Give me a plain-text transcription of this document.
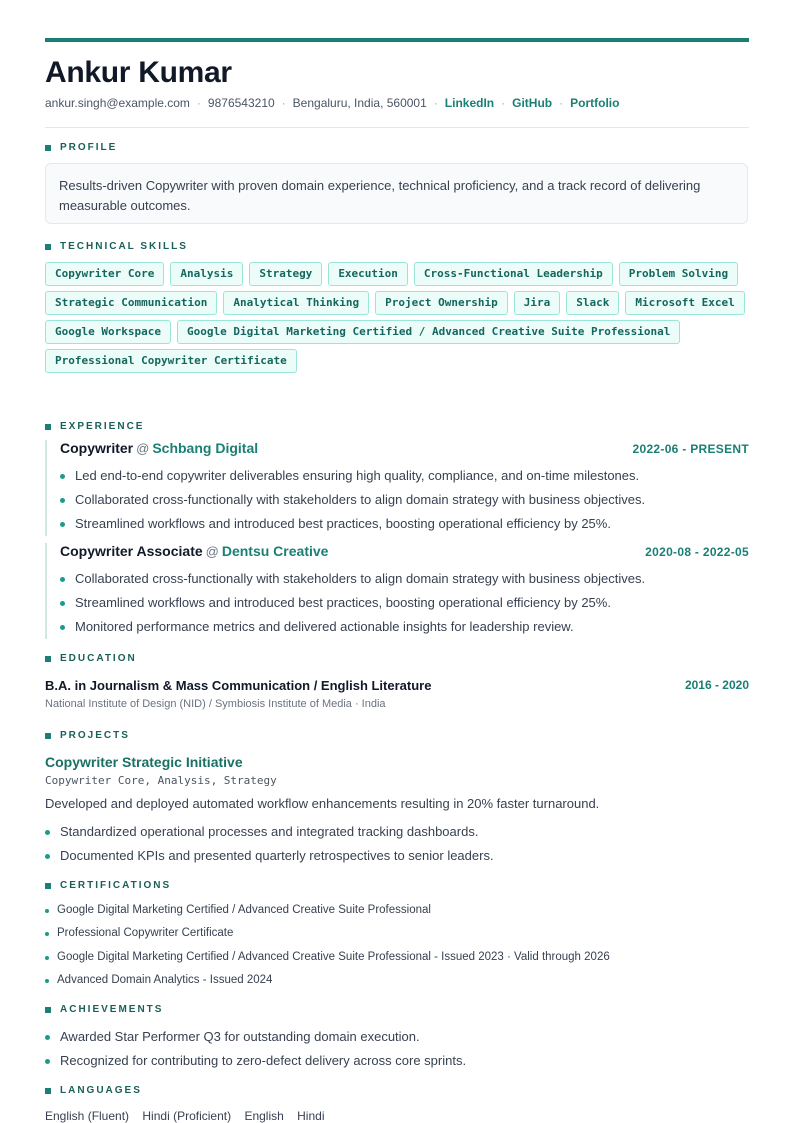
Ankur Kumar
ankur.singh@example.com · 9876543210 · Bengaluru, India, 560001 · LinkedIn · GitHub · Portfolio
PROFILE
Results-driven Copywriter with proven domain experience, technical proficiency, and a track record of delivering measurable outcomes.
TECHNICAL SKILLS
Copywriter Core	Analysis	Strategy	Execution	Cross-Functional Leadership	Problem Solving
Strategic Communication	Analytical Thinking	Project Ownership	Jira	Slack	Microsoft Excel
Google Workspace	Google Digital Marketing Certified / Advanced Creative Suite Professional
Professional Copywriter Certificate
EXPERIENCE
Copywriter @ Schbang Digital	2022-06 - PRESENT
Led end-to-end copywriter deliverables ensuring high quality, compliance, and on-time milestones.
Collaborated cross-functionally with stakeholders to align domain strategy with business objectives.
Streamlined workflows and introduced best practices, boosting operational efficiency by 25%.
Copywriter Associate @ Dentsu Creative	2020-08 - 2022-05
Collaborated cross-functionally with stakeholders to align domain strategy with business objectives.
Streamlined workflows and introduced best practices, boosting operational efficiency by 25%.
Monitored performance metrics and delivered actionable insights for leadership review.
EDUCATION
B.A. in Journalism & Mass Communication / English Literature	2016 - 2020
National Institute of Design (NID) / Symbiosis Institute of Media · India
PROJECTS
Copywriter Strategic Initiative
Copywriter Core, Analysis, Strategy
Developed and deployed automated workflow enhancements resulting in 20% faster turnaround.
Standardized operational processes and integrated tracking dashboards.
Documented KPIs and presented quarterly retrospectives to senior leaders.
CERTIFICATIONS
Google Digital Marketing Certified / Advanced Creative Suite Professional
Professional Copywriter Certificate
Google Digital Marketing Certified / Advanced Creative Suite Professional - Issued 2023 · Valid through 2026
Advanced Domain Analytics - Issued 2024
ACHIEVEMENTS
Awarded Star Performer Q3 for outstanding domain execution.
Recognized for contributing to zero-defect delivery across core sprints.
LANGUAGES
English (Fluent) Hindi (Proficient) English Hindi
